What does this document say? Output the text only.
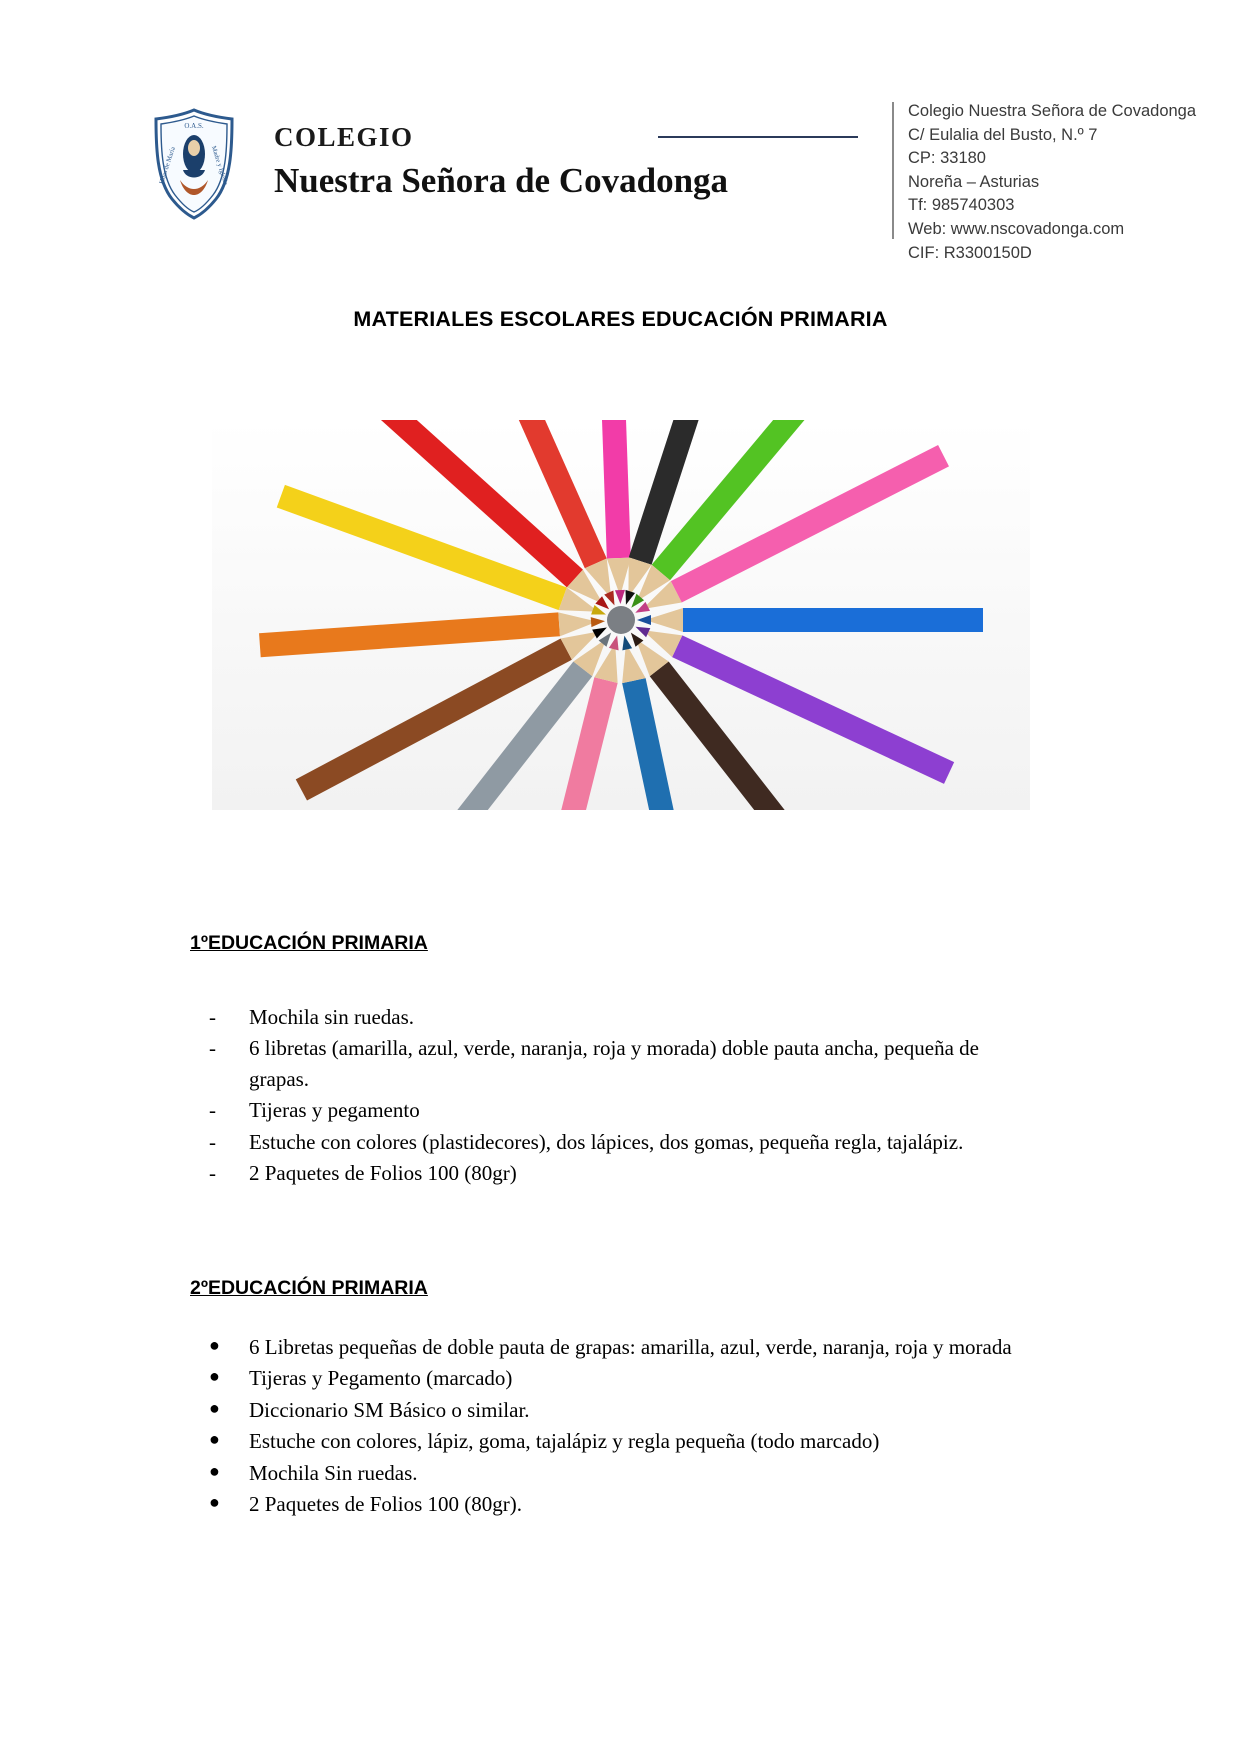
O.A.S.
Hijas de María	Madre y Iglesia
COLEGIO
Nuestra Señora de Covadonga
Colegio Nuestra Señora de Covadonga
C/ Eulalia del Busto, N.º 7
CP: 33180
Noreña – Asturias
Tf: 985740303
Web: www.nscovadonga.com
CIF: R3300150D
MATERIALES ESCOLARES EDUCACIÓN PRIMARIA
1ºEDUCACIÓN PRIMARIA
-	Mochila sin ruedas.
-	6 libretas (amarilla, azul, verde, naranja, roja y morada) doble pauta ancha, pequeña de grapas.
-	Tijeras y pegamento
-	Estuche con colores (plastidecores), dos lápices, dos gomas, pequeña regla, tajalápiz.
-	2 Paquetes de Folios 100 (80gr)
2ºEDUCACIÓN PRIMARIA
●	6 Libretas pequeñas de doble pauta de grapas: amarilla, azul, verde, naranja, roja y morada
●	Tijeras y Pegamento (marcado)
●	Diccionario SM Básico o similar.
●	Estuche con colores, lápiz, goma, tajalápiz y regla pequeña (todo marcado)
●	Mochila Sin ruedas.
●	2 Paquetes de Folios 100 (80gr).
